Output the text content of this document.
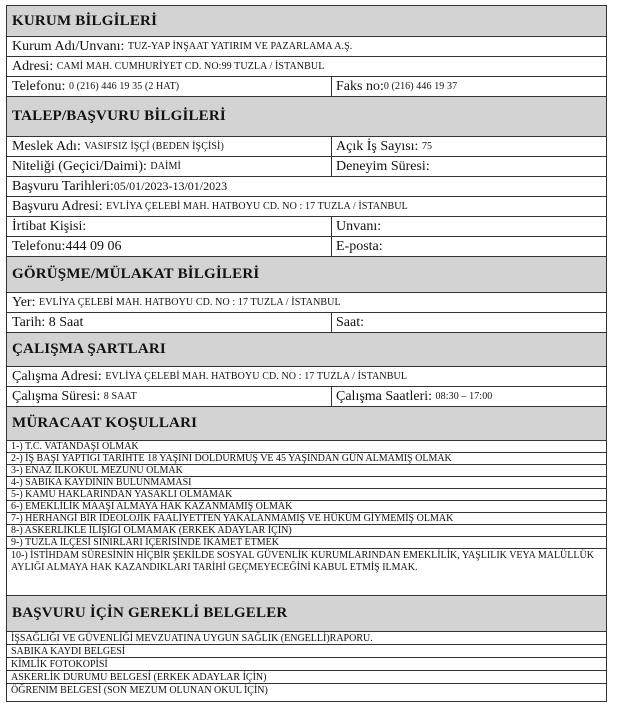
KURUM BİLGİLERİ
Kurum Adı/Unvanı:
TUZ-YAP İNŞAAT YATIRIM VE PAZARLAMA A.Ş.
Adresi:
CAMİ MAH. CUMHURİYET CD. NO:99 TUZLA / İSTANBUL
Telefonu:
0 (216) 446 19 35 (2 HAT)	Faks no: 0 (216) 446 19 37
TALEP/BAŞVURU BİLGİLERİ
Meslek Adı:
VASIFSIZ İŞÇİ (BEDEN İŞÇİSİ)	Açık İş Sayısı:
75
Niteliği (Geçici/Daimi):
DAİMİ	Deneyim Süresi:

Başvuru Tarihleri: 05/01/2023-13/01/2023
Başvuru Adresi:
EVLİYA ÇELEBİ MAH. HATBOYU CD. NO : 17 TUZLA / İSTANBUL
İrtibat Kişisi:
	Unvanı:

Telefonu: 444 09 06	E-posta:

GÖRÜŞME/MÜLAKAT BİLGİLERİ
Yer:
EVLİYA ÇELEBİ MAH. HATBOYU CD. NO : 17 TUZLA / İSTANBUL
Tarih:
8 Saat	Saat:

ÇALIŞMA ŞARTLARI
Çalışma Adresi:
EVLİYA ÇELEBİ MAH. HATBOYU CD. NO : 17 TUZLA / İSTANBUL
Çalışma Süresi:
8 SAAT	Çalışma Saatleri:
08:30 – 17:00
MÜRACAAT KOŞULLARI
1-) T.C. VATANDAŞI OLMAK
2-) İŞ BAŞI YAPTIĞI TARİHTE 18 YAŞINI DOLDURMUŞ VE 45 YAŞINDAN GÜN ALMAMIŞ OLMAK
3-) ENAZ İLKOKUL MEZUNU OLMAK
4-) SABIKA KAYDININ BULUNMAMASI
5-) KAMU HAKLARINDAN YASAKLI OLMAMAK
6-) EMEKLİLİK MAAŞI ALMAYA HAK KAZANMAMIŞ OLMAK
7-) HERHANGİ BİR İDEOLOJİK FAALİYETTEN YAKALANMAMIŞ VE HÜKÜM GİYMEMİŞ OLMAK
8-) ASKERLİKLE İLİŞİĞİ OLMAMAK (ERKEK ADAYLAR İÇİN)
9-) TUZLA İLÇESİ SINIRLARI İÇERİSİNDE İKAMET ETMEK
10-) İSTİHDAM SÜRESİNİN HİÇBİR ŞEKİLDE SOSYAL GÜVENLİK KURUMLARINDAN EMEKLİLİK, YAŞLILIK VEYA MALÜLLÜK AYLIĞI ALMAYA HAK KAZANDIKLARI TARİHİ GEÇMEYECEĞİNİ KABUL ETMİŞ ILMAK.
BAŞVURU İÇİN GEREKLİ BELGELER
İŞSAĞLIĞI VE GÜVENLİĞİ MEVZUATINA UYGUN SAĞLIK (ENGELLİ)RAPORU.
SABIKA KAYDI BELGESİ
KİMLİK FOTOKOPİSİ
ASKERLİK DURUMU BELGESİ (ERKEK ADAYLAR İÇİN)
ÖĞRENIM BELGESİ (SON MEZUM OLUNAN OKUL İÇİN)
